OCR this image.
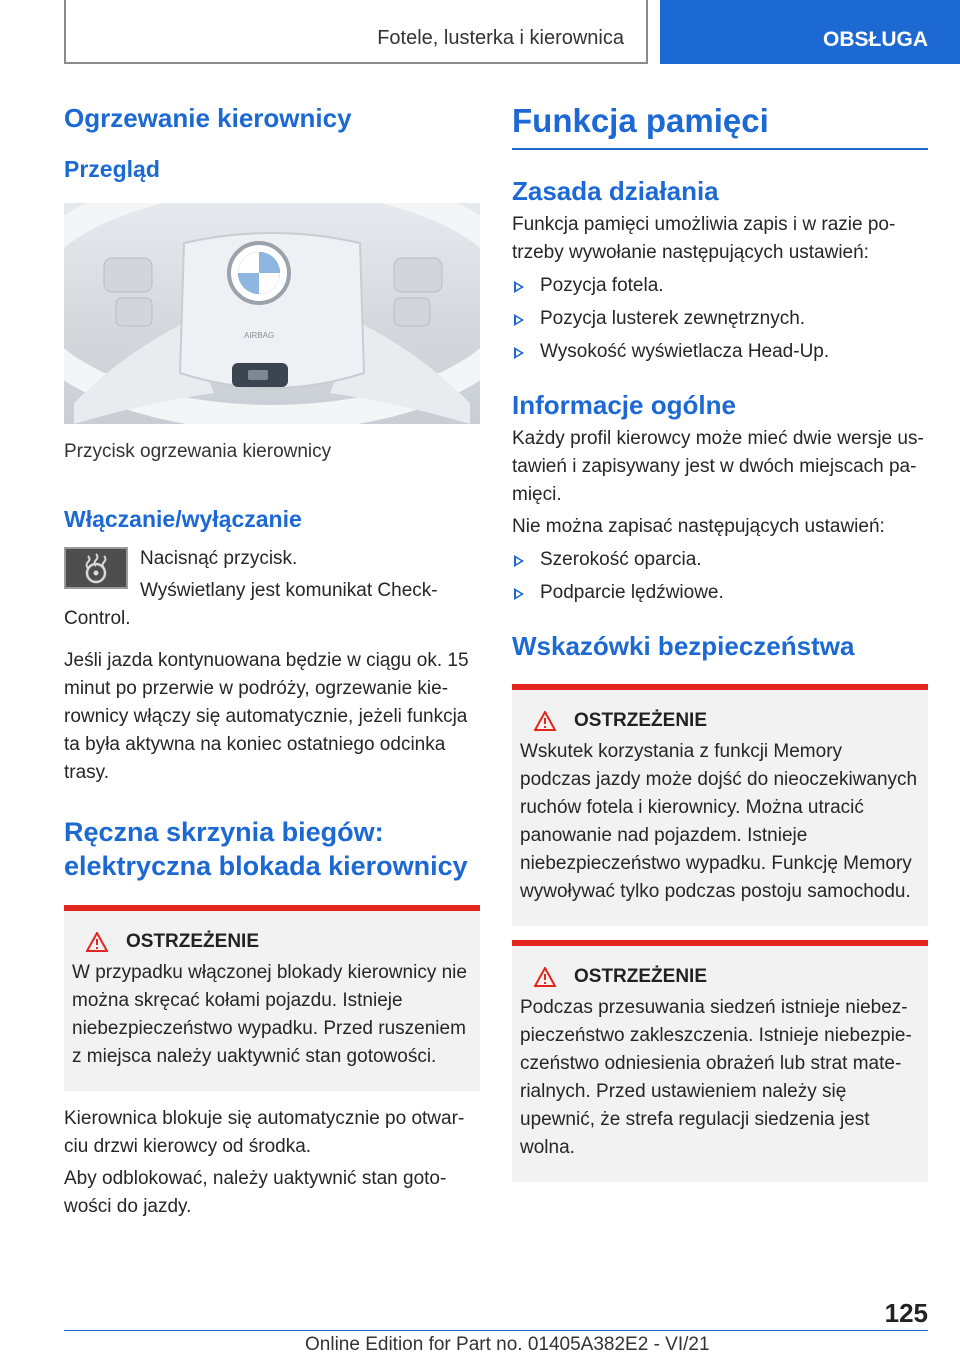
Fotele, lusterka i kierownica	OBSŁUGA
Ogrzewanie kierownicy
Przegląd
AIRBAG

Przycisk ogrzewania kierownicy

Włączanie/wyłączanie

Nacisnąć przycisk.

Wyświetlany jest komunikat Check-

Control.

Jeśli jazda kontynuowana będzie w ciągu ok. 15 minut po przerwie w podróży, ogrzewanie kierownicy włączy się automatycznie, jeżeli funkcja ta była aktywna na koniec ostatniego odcinka trasy.

Ręczna skrzynia biegów: elektryczna blokada kierownicy
OSTRZEŻENIE

W przypadku włączonej blokady kierownicy nie można skręcać kołami pojazdu. Istnieje niebezpieczeństwo wypadku. Przed ruszeniem z miejsca należy uaktywnić stan gotowości.

Kierownica blokuje się automatycznie po otwarciu drzwi kierowcy od środka.

Aby odblokować, należy uaktywnić stan gotowości do jazdy.

Funkcja pamięci
Zasada działania

Funkcja pamięci umożliwia zapis i w razie potrzeby wywołanie następujących ustawień:

Pozycja fotela.
Pozycja lusterek zewnętrznych.
Wysokość wyświetlacza Head-Up.
Informacje ogólne

Każdy profil kierowcy może mieć dwie wersje ustawień i zapisywany jest w dwóch miejscach pamięci.

Nie można zapisać następujących ustawień:

Szerokość oparcia.
Podparcie lędźwiowe.
Wskazówki bezpieczeństwa
OSTRZEŻENIE

Wskutek korzystania z funkcji Memory podczas jazdy może dojść do nieoczekiwanych ruchów fotela i kierownicy. Można utracić panowanie nad pojazdem. Istnieje niebezpieczeństwo wypadku. Funkcję Memory wywoływać tylko podczas postoju samochodu.

OSTRZEŻENIE

Podczas przesuwania siedzeń istnieje niebezpieczeństwo zakleszczenia. Istnieje niebezpieczeństwo odniesienia obrażeń lub strat materialnych. Przed ustawieniem należy się upewnić, że strefa regulacji siedzenia jest wolna.

125
Online Edition for Part no. 01405A382E2 - VI/21
